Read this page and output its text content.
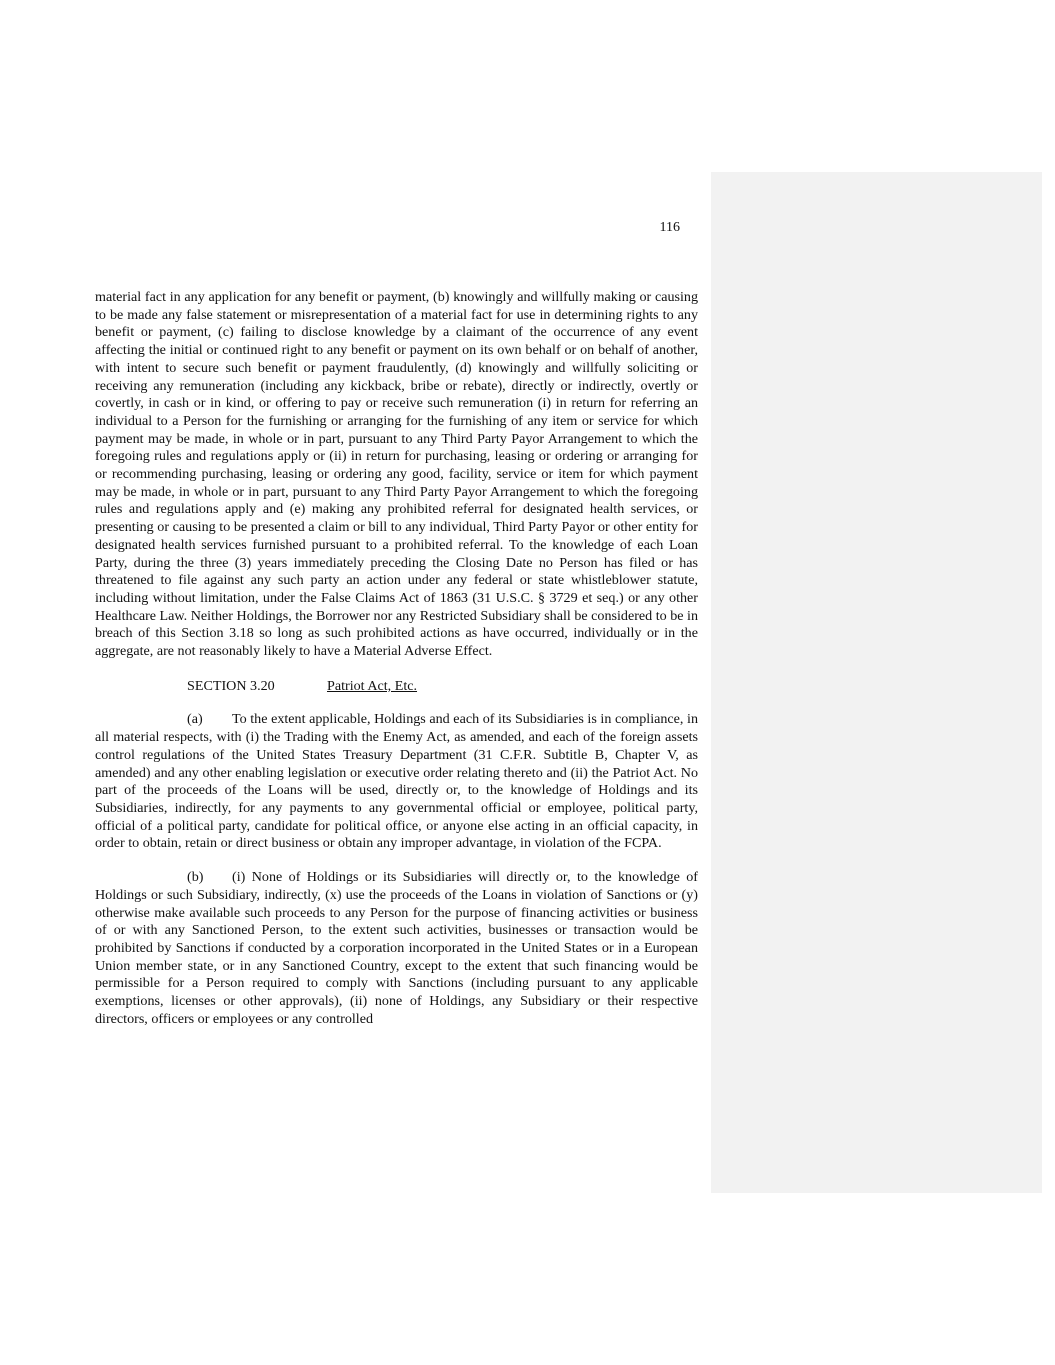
116

material fact in any application for any benefit or payment, (b) knowingly and willfully making or causing to be made any false statement or misrepresentation of a material fact for use in determining rights to any benefit or payment, (c) failing to disclose knowledge by a claimant of the occurrence of any event affecting the initial or continued right to any benefit or payment on its own behalf or on behalf of another, with intent to secure such benefit or payment fraudulently, (d) knowingly and willfully soliciting or receiving any remuneration (including any kickback, bribe or rebate), directly or indirectly, overtly or covertly, in cash or in kind, or offering to pay or receive such remuneration (i) in return for referring an individual to a Person for the furnishing or arranging for the furnishing of any item or service for which payment may be made, in whole or in part, pursuant to any Third Party Payor Arrangement to which the foregoing rules and regulations apply or (ii) in return for purchasing, leasing or ordering or arranging for or recommending purchasing, leasing or ordering any good, facility, service or item for which payment may be made, in whole or in part, pursuant to any Third Party Payor Arrangement to which the foregoing rules and regulations apply and (e) making any prohibited referral for designated health services, or presenting or causing to be presented a claim or bill to any individual, Third Party Payor or other entity for designated health services furnished pursuant to a prohibited referral. To the knowledge of each Loan Party, during the three (3) years immediately preceding the Closing Date no Person has filed or has threatened to file against any such party an action under any federal or state whistleblower statute, including without limitation, under the False Claims Act of 1863 (31 U.S.C. § 3729 et seq.) or any other Healthcare Law. Neither Holdings, the Borrower nor any Restricted Subsidiary shall be considered to be in breach of this Section 3.18 so long as such prohibited actions as have occurred, individually or in the aggregate, are not reasonably likely to have a Material Adverse Effect.

SECTION 3.20	Patriot Act, Etc.

(a) To the extent applicable, Holdings and each of its Subsidiaries is in compliance, in all material respects, with (i) the Trading with the Enemy Act, as amended, and each of the foreign assets control regulations of the United States Treasury Department (31 C.F.R. Subtitle B, Chapter V, as amended) and any other enabling legislation or executive order relating thereto and (ii) the Patriot Act. No part of the proceeds of the Loans will be used, directly or, to the knowledge of Holdings and its Subsidiaries, indirectly, for any payments to any governmental official or employee, political party, official of a political party, candidate for political office, or anyone else acting in an official capacity, in order to obtain, retain or direct business or obtain any improper advantage, in violation of the FCPA.

(b) (i) None of Holdings or its Subsidiaries will directly or, to the knowledge of Holdings or such Subsidiary, indirectly, (x) use the proceeds of the Loans in violation of Sanctions or (y) otherwise make available such proceeds to any Person for the purpose of financing activities or business of or with any Sanctioned Person, to the extent such activities, businesses or transaction would be prohibited by Sanctions if conducted by a corporation incorporated in the United States or in a European Union member state, or in any Sanctioned Country, except to the extent that such financing would be permissible for a Person required to comply with Sanctions (including pursuant to any applicable exemptions, licenses or other approvals), (ii) none of Holdings, any Subsidiary or their respective directors, officers or employees or any controlled
